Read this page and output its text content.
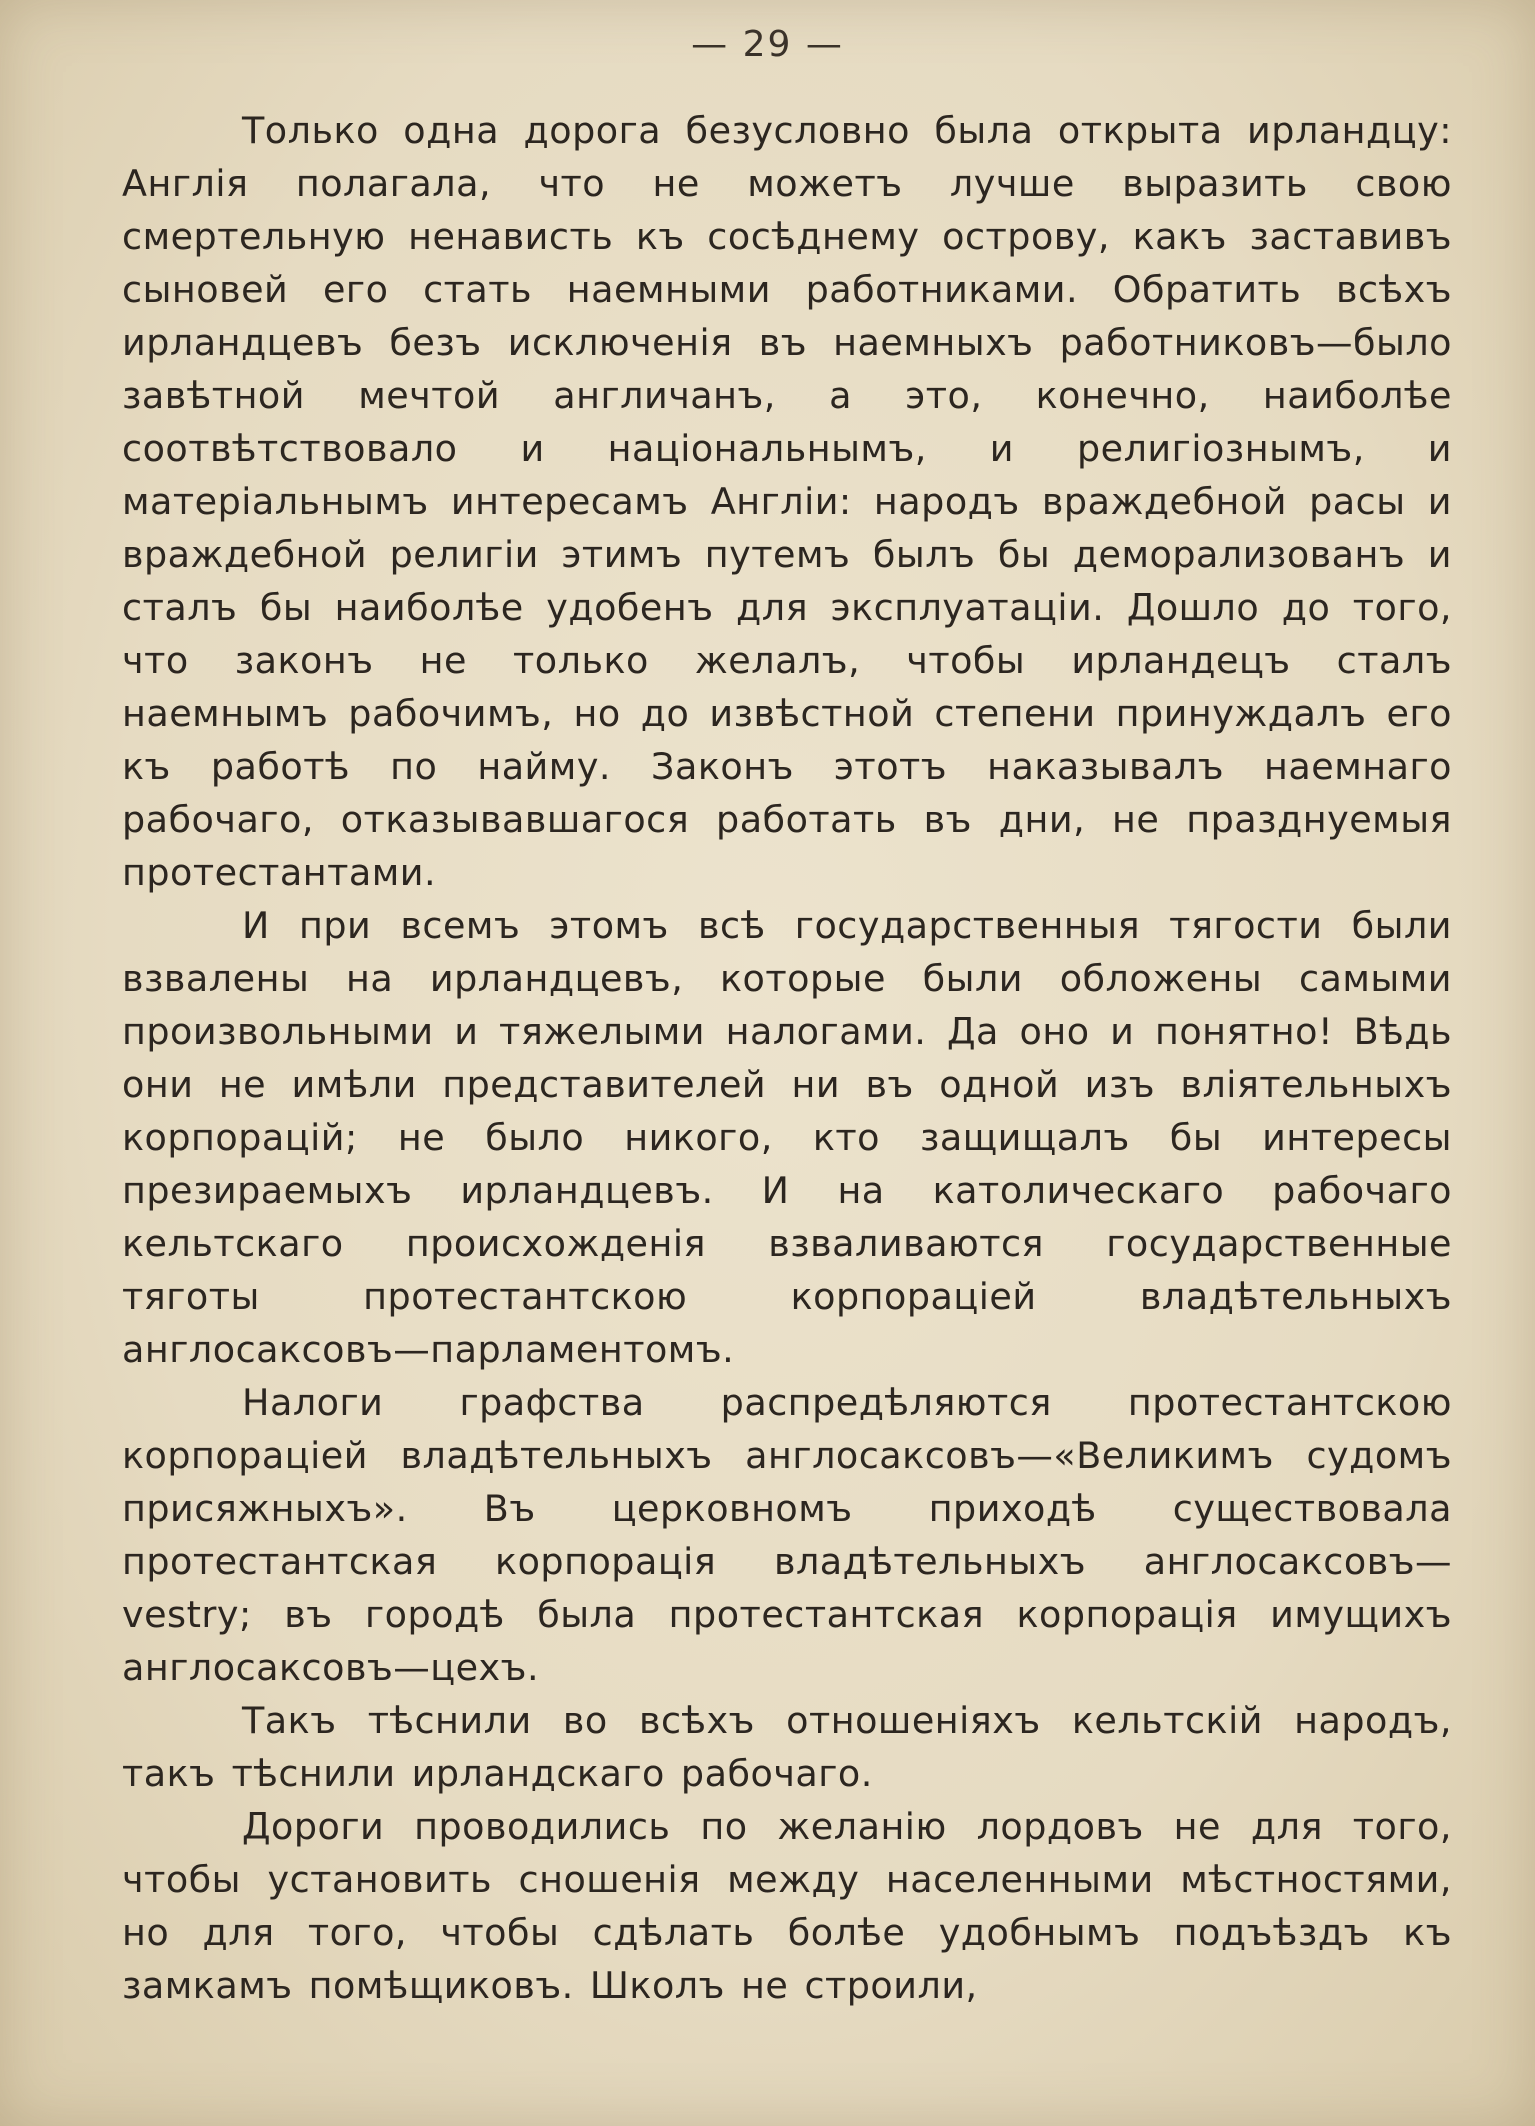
— 29 —

Только одна дорога безусловно была открыта ирландцу: Англія полагала, что не можетъ лучше выразить свою смертельную ненависть къ сосѣднему острову, какъ заставивъ сыновей его стать наемными работниками. Обратить всѣхъ ирландцевъ безъ исключенія въ наемныхъ работниковъ—было завѣтной мечтой англичанъ, а это, конечно, наиболѣе соотвѣтствовало и національнымъ, и религіознымъ, и матеріальнымъ интересамъ Англіи: народъ враждебной расы и враждебной религіи этимъ путемъ былъ бы деморализованъ и сталъ бы наиболѣе удобенъ для эксплуатаціи. Дошло до того, что законъ не только желалъ, чтобы ирландецъ сталъ наемнымъ рабочимъ, но до извѣстной степени принуждалъ его къ работѣ по найму. Законъ этотъ наказывалъ наемнаго рабочаго, отказывавшагося работать въ дни, не празднуемыя протестантами.

И при всемъ этомъ всѣ государственныя тягости были взвалены на ирландцевъ, которые были обложены самыми произвольными и тяжелыми налогами. Да оно и понятно! Вѣдь они не имѣли представителей ни въ одной изъ вліятельныхъ корпорацій; не было никого, кто защищалъ бы интересы презираемыхъ ирландцевъ. И на католическаго рабочаго кельтскаго происхожденія взваливаются государственные тяготы протестантскою корпораціей владѣтельныхъ англосаксовъ—парламентомъ.

Налоги графства распредѣляются протестантскою корпораціей владѣтельныхъ англосаксовъ—«Великимъ судомъ присяжныхъ». Въ церковномъ приходѣ существовала протестантская корпорація владѣтельныхъ англосаксовъ—vestry; въ городѣ была протестантская корпорація имущихъ англосаксовъ—цехъ.

Такъ тѣснили во всѣхъ отношеніяхъ кельтскій народъ, такъ тѣснили ирландскаго рабочаго.

Дороги проводились по желанію лордовъ не для того, чтобы установить сношенія между населенными мѣстностями, но для того, чтобы сдѣлать болѣе удобнымъ подъѣздъ къ замкамъ помѣщиковъ. Школъ не строили,
